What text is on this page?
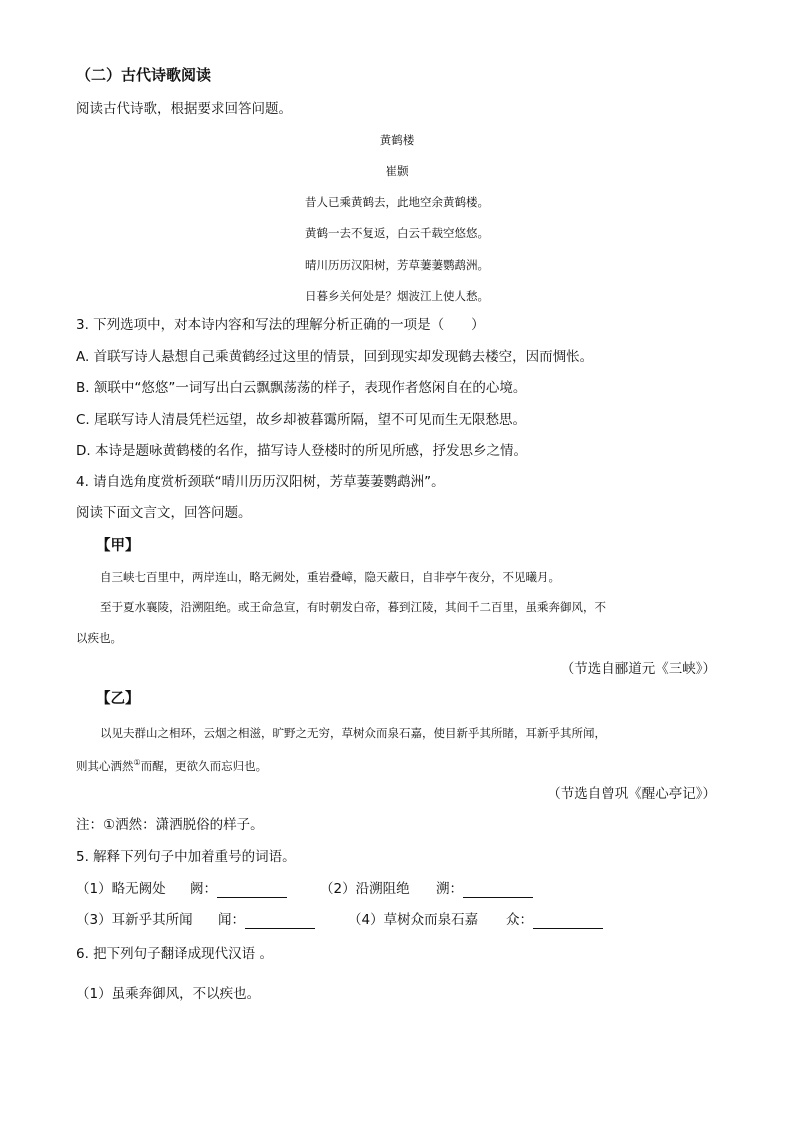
（二）古代诗歌阅读
阅读古代诗歌，根据要求回答问题。
黄鹤楼
崔颢
昔人已乘黄鹤去，此地空余黄鹤楼。
黄鹤一去不复返，白云千载空悠悠。
晴川历历汉阳树，芳草萋萋鹦鹉洲。
日暮乡关何处是？烟波江上使人愁。
3. 下列选项中，对本诗内容和写法的理解分析正确的一项是（　　）
A. 首联写诗人悬想自己乘黄鹤经过这里的情景，回到现实却发现鹤去楼空，因而惆怅。
B. 颔联中“悠悠”一词写出白云飘飘荡荡的样子，表现作者悠闲自在的心境。
C. 尾联写诗人清晨凭栏远望，故乡却被暮霭所隔，望不可见而生无限愁思。
D. 本诗是题咏黄鹤楼的名作，描写诗人登楼时的所见所感，抒发思乡之情。
4. 请自选角度赏析颈联“晴川历历汉阳树，芳草萋萋鹦鹉洲”。
阅读下面文言文，回答问题。
【甲】
自三峡七百里中，两岸连山，略无阙处，重岩叠嶂，隐天蔽日，自非亭午夜分，不见曦月。
至于夏水襄陵，沿溯阻绝。或王命急宣，有时朝发白帝，暮到江陵，其间千二百里，虽乘奔御风，不
以疾也。
（节选自郦道元《三峡》）
【乙】
以见夫群山之相环，云烟之相滋，旷野之无穷，草树众而泉石嘉，使目新乎其所睹，耳新乎其所闻，
则其心洒然①而醒，更欲久而忘归也。
（节选自曾巩《醒心亭记》）
注：①洒然：潇洒脱俗的样子。
5. 解释下列句子中加着重号的词语。
（1）略无阙处 阙：	（2）沿溯阻绝 溯：
（3）耳新乎其所闻 闻：	（4）草树众而泉石嘉 众：
6. 把下列句子翻译成现代汉语 。
（1）虽乘奔御风，不以疾也。
